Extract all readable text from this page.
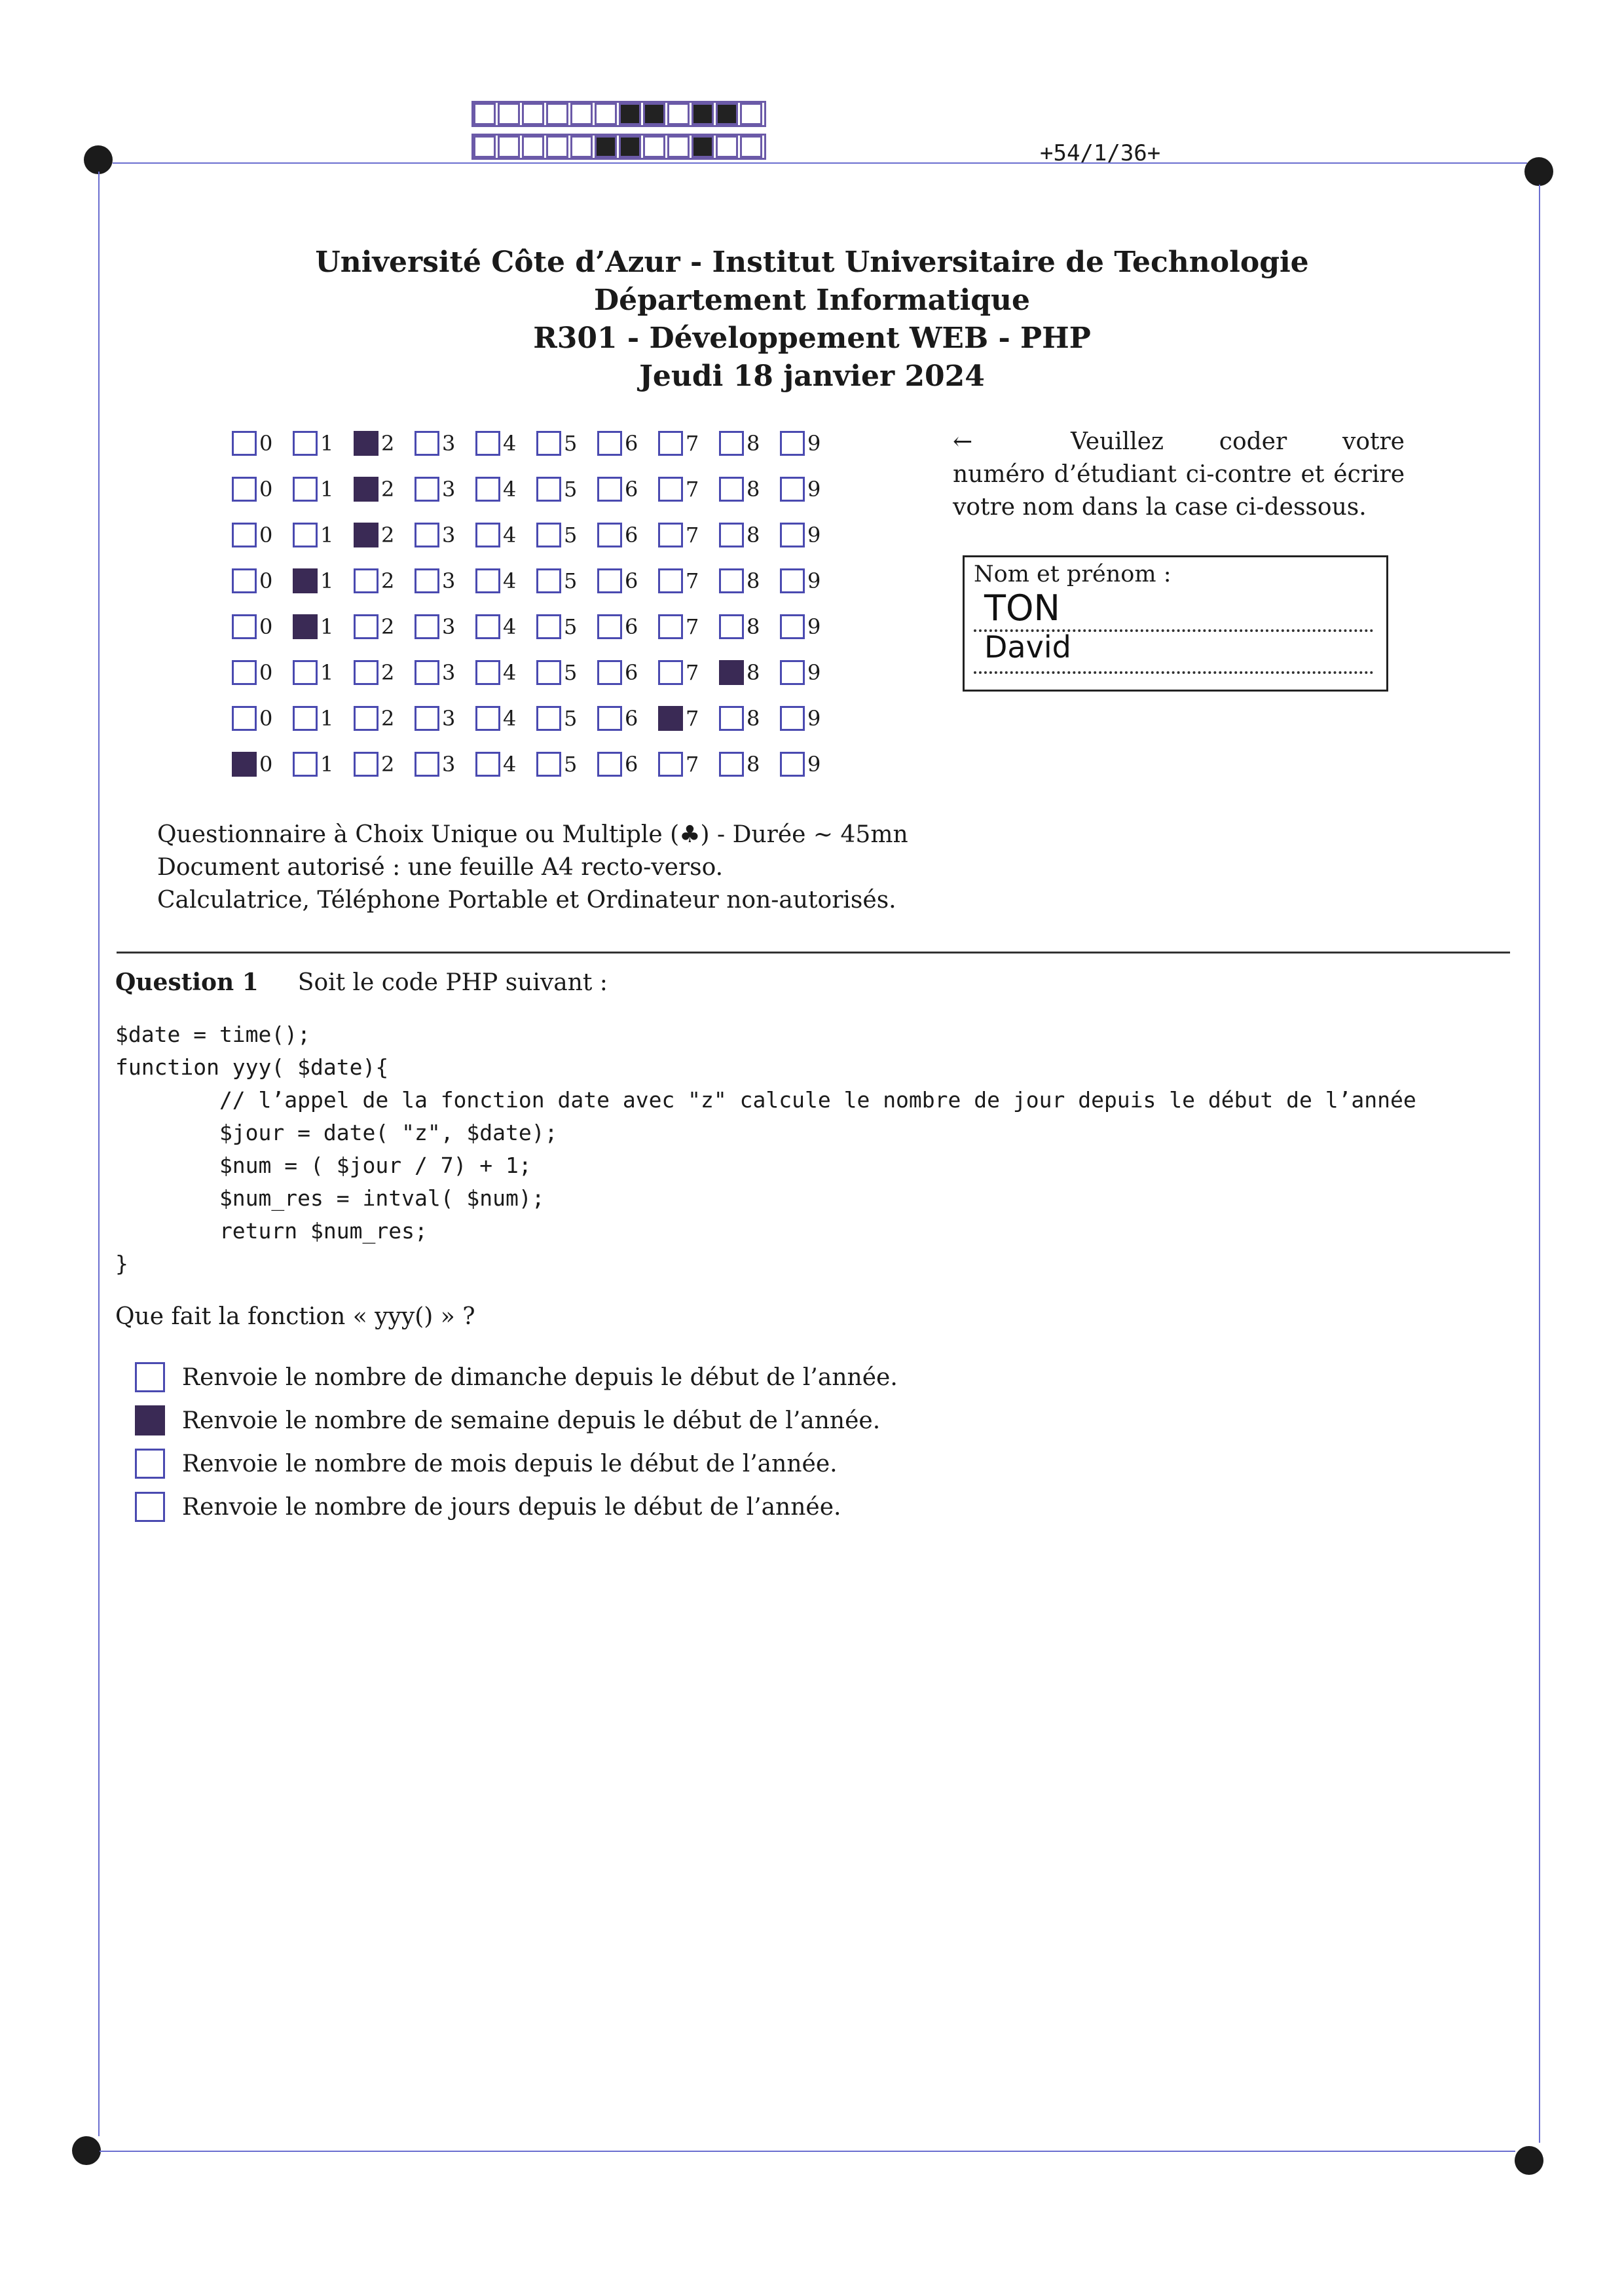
+54/1/36+
Université Côte d’Azur - Institut Universitaire de Technologie
Département Informatique
R301 - Développement WEB - PHP
Jeudi 18 janvier 2024
0 1 2 3 4 5 6 7 8 9
0 1 2 3 4 5 6 7 8 9
0 1 2 3 4 5 6 7 8 9
0 1 2 3 4 5 6 7 8 9
0 1 2 3 4 5 6 7 8 9
0 1 2 3 4 5 6 7 8 9
0 1 2 3 4 5 6 7 8 9
0 1 2 3 4 5 6 7 8 9
←	Veuillez coder votre numéro d’étudiant ci-contre et écrire votre nom dans la case ci-dessous.
Nom et prénom :
TON
David
Questionnaire à Choix Unique ou Multiple (♣) - Durée ∼ 45mn
Document autorisé : une feuille A4 recto-verso.
Calculatrice, Téléphone Portable et Ordinateur non-autorisés.
Question 1 Soit le code PHP suivant :
$date = time();
function yyy( $date){
// l’appel de la fonction date avec "z" calcule le nombre de jour depuis le début de l’année
$jour = date( "z", $date);
$num = ( $jour / 7) + 1;
$num_res = intval( $num);
return $num_res;
}
Que fait la fonction « yyy() » ?
Renvoie le nombre de dimanche depuis le début de l’année.
Renvoie le nombre de semaine depuis le début de l’année.
Renvoie le nombre de mois depuis le début de l’année.
Renvoie le nombre de jours depuis le début de l’année.
